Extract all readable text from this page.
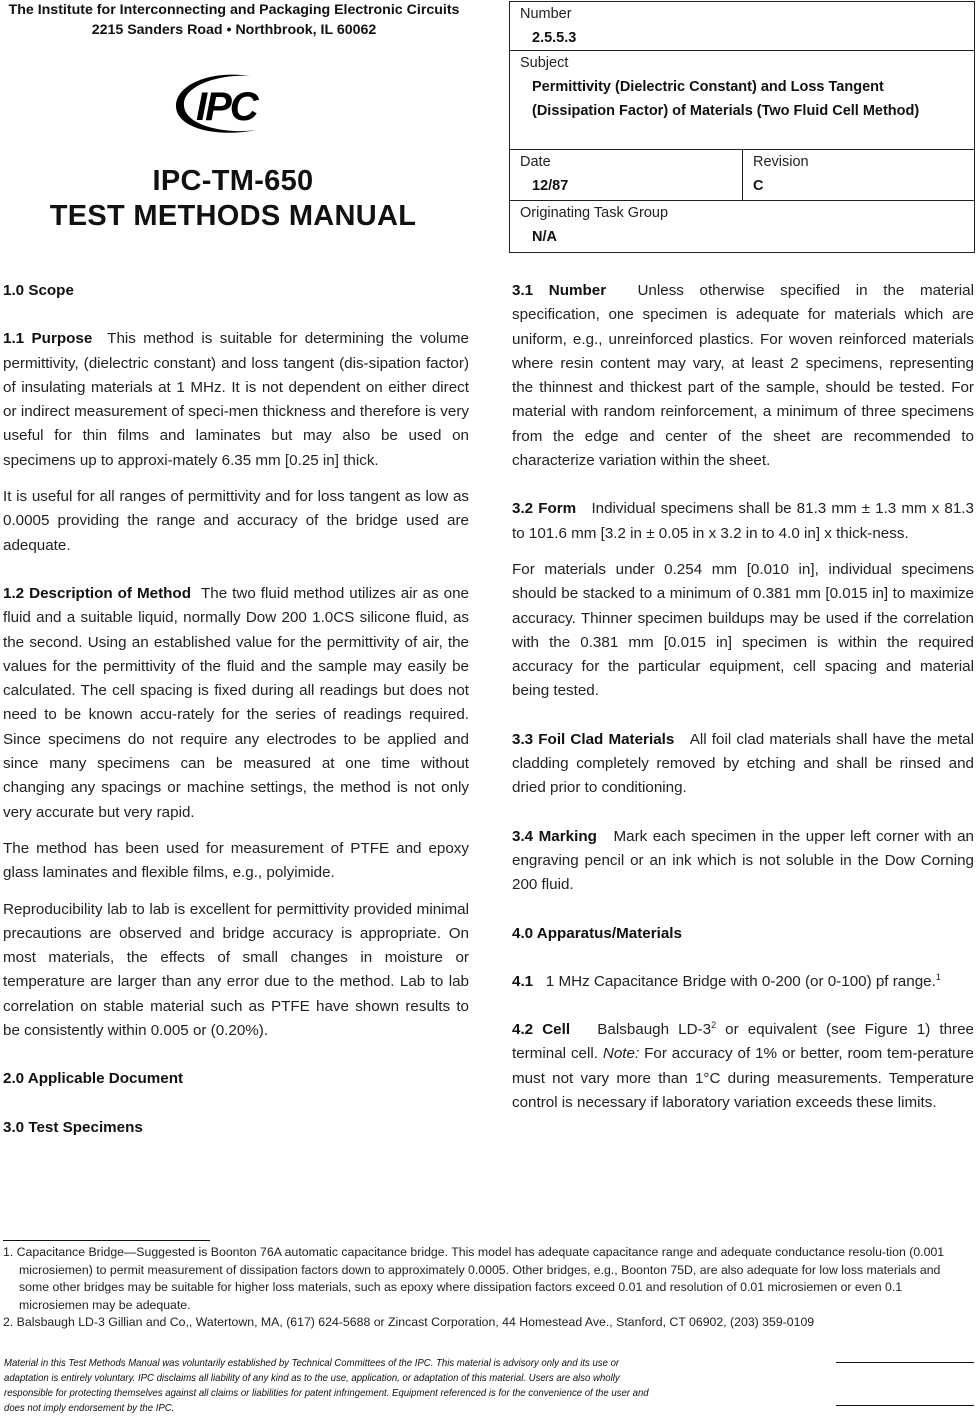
The Institute for Interconnecting and Packaging Electronic Circuits
2215 Sanders Road • Northbrook, IL 60062
IPC
IPC-TM-650
TEST METHODS MANUAL
Number
2.5.5.3
Subject
Permittivity (Dielectric Constant) and Loss Tangent (Dissipation Factor) of Materials (Two Fluid Cell Method)
Date
12/87
Revision
C
Originating Task Group
N/A
1.0 Scope
1.1 Purpose This method is suitable for determining the volume permittivity, (dielectric constant) and loss tangent (dis-sipation factor) of insulating materials at 1 MHz. It is not dependent on either direct or indirect measurement of speci-men thickness and therefore is very useful for thin films and laminates but may also be used on specimens up to approxi-mately 6.35 mm [0.25 in] thick.
It is useful for all ranges of permittivity and for loss tangent as low as 0.0005 providing the range and accuracy of the bridge used are adequate.
1.2 Description of Method The two fluid method utilizes air as one fluid and a suitable liquid, normally Dow 200 1.0CS silicone fluid, as the second. Using an established value for the permittivity of air, the values for the permittivity of the fluid and the sample may easily be calculated. The cell spacing is fixed during all readings but does not need to be known accu-rately for the series of readings required. Since specimens do not require any electrodes to be applied and since many specimens can be measured at one time without changing any spacings or machine settings, the method is not only very accurate but very rapid.
The method has been used for measurement of PTFE and epoxy glass laminates and flexible films, e.g., polyimide.
Reproducibility lab to lab is excellent for permittivity provided minimal precautions are observed and bridge accuracy is appropriate. On most materials, the effects of small changes in moisture or temperature are larger than any error due to the method. Lab to lab correlation on stable material such as PTFE have shown results to be consistently within 0.005 or (0.20%).
2.0 Applicable Document
3.0 Test Specimens
3.1 Number Unless otherwise specified in the material specification, one specimen is adequate for materials which are uniform, e.g., unreinforced plastics. For woven reinforced materials where resin content may vary, at least 2 specimens, representing the thinnest and thickest part of the sample, should be tested. For material with random reinforcement, a minimum of three specimens from the edge and center of the sheet are recommended to characterize variation within the sheet.
3.2 Form Individual specimens shall be 81.3 mm ± 1.3 mm x 81.3 to 101.6 mm [3.2 in ± 0.05 in x 3.2 in to 4.0 in] x thick-ness.
For materials under 0.254 mm [0.010 in], individual specimens should be stacked to a minimum of 0.381 mm [0.015 in] to maximize accuracy. Thinner specimen buildups may be used if the correlation with the 0.381 mm [0.015 in] specimen is within the required accuracy for the particular equipment, cell spacing and material being tested.
3.3 Foil Clad Materials All foil clad materials shall have the metal cladding completely removed by etching and shall be rinsed and dried prior to conditioning.
3.4 Marking Mark each specimen in the upper left corner with an engraving pencil or an ink which is not soluble in the Dow Corning 200 fluid.
4.0 Apparatus/Materials
4.1 1 MHz Capacitance Bridge with 0-200 (or 0-100) pf range.$^1$
4.2 Cell Balsbaugh $LD-3^2$ or equivalent (see Figure 1) three terminal cell. Note: For accuracy of 1% or better, room tem-perature must not vary more than 1°C during measurements. Temperature control is necessary if laboratory variation exceeds these limits.
1. Capacitance Bridge—Suggested is Boonton 76A automatic capacitance bridge. This model has adequate capacitance range and adequate conductance resolu-tion (0.001 microsiemen) to permit measurement of dissipation factors down to approximately 0.0005. Other bridges, e.g., Boonton 75D, are also adequate for low loss materials and some other bridges may be suitable for higher loss materials, such as epoxy where dissipation factors exceed 0.01 and resolution of 0.01 microsiemen or even 0.1 microsiemen may be adequate.
2. Balsbaugh LD-3 Gillian and Co,, Watertown, MA, (617) 624-5688 or Zincast Corporation, 44 Homestead Ave., Stanford, CT 06902, (203) 359-0109
Material in this Test Methods Manual was voluntarily established by Technical Committees of the IPC. This material is advisory only and its use or adaptation is entirely voluntary. IPC disclaims all liability of any kind as to the use, application, or adaptation of this material. Users are also wholly responsible for protecting themselves against all claims or liabilities for patent infringement. Equipment referenced is for the convenience of the user and does not imply endorsement by the IPC.
